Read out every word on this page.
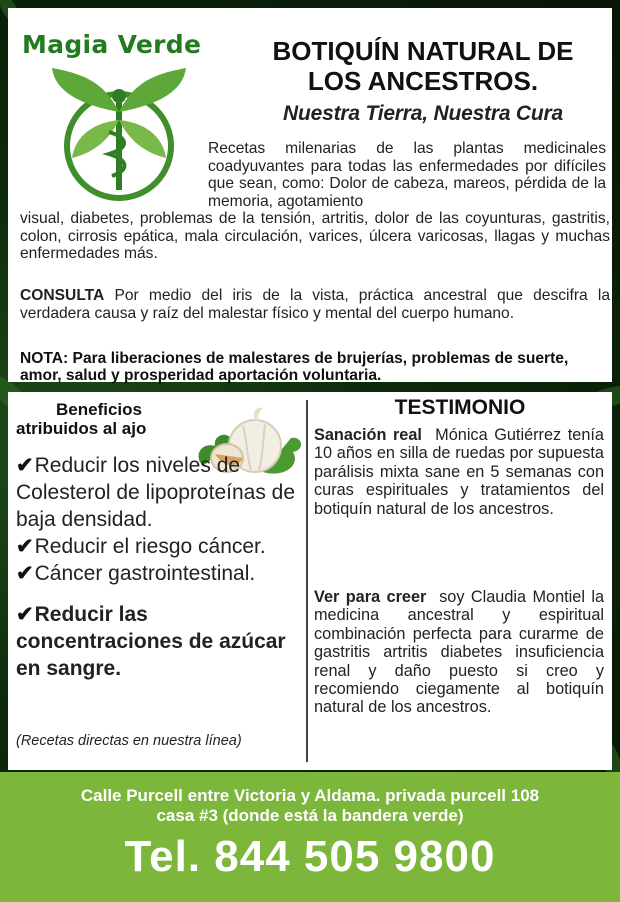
Magia Verde	BOTIQUÍN NATURAL DE
LOS ANCESTROS.
Nuestra Tierra, Nuestra Cura

Recetas milenarias de las plantas medicinales coadyuvantes para todas las enfermedades por difíciles que sean, como: Dolor de cabeza, mareos, pérdida de la memoria, agotamiento

visual, diabetes, problemas de la tensión, artritis, dolor de las coyunturas, gastritis, colon, cirrosis epática, mala circulación, varices, úlcera varicosas, llagas y muchas enfermedades más.

CONSULTA Por medio del iris de la vista, práctica ancestral que descifra la verdadera causa y raíz del malestar físico y mental del cuerpo humano.

NOTA: Para liberaciones de malestares de brujerías, problemas de suerte, amor, salud y prosperidad aportación voluntaria.

Beneficios
atribuidos al ajo
✔Reducir los niveles de Colesterol de lipoproteínas de baja densidad.
✔Reducir el riesgo cáncer.
✔Cáncer gastrointestinal.
✔Reducir las concentraciones de azúcar en sangre.
(Recetas directas en nuestra línea)
TESTIMONIO

Sanación real Mónica Gutiérrez tenía 10 años en silla de ruedas por supuesta parálisis mixta sane en 5 semanas con curas espirituales y tratamientos del botiquín natural de los ancestros.

Ver para creer soy Claudia Montiel la medicina ancestral y espiritual combinación perfecta para curarme de gastritis artritis diabetes insuficiencia renal y daño puesto si creo y recomiendo ciegamente al botiquín natural de los ancestros.

Calle Purcell entre Victoria y Aldama. privada purcell 108
casa #3 (donde está la bandera verde)
Tel. 844 505 9800
